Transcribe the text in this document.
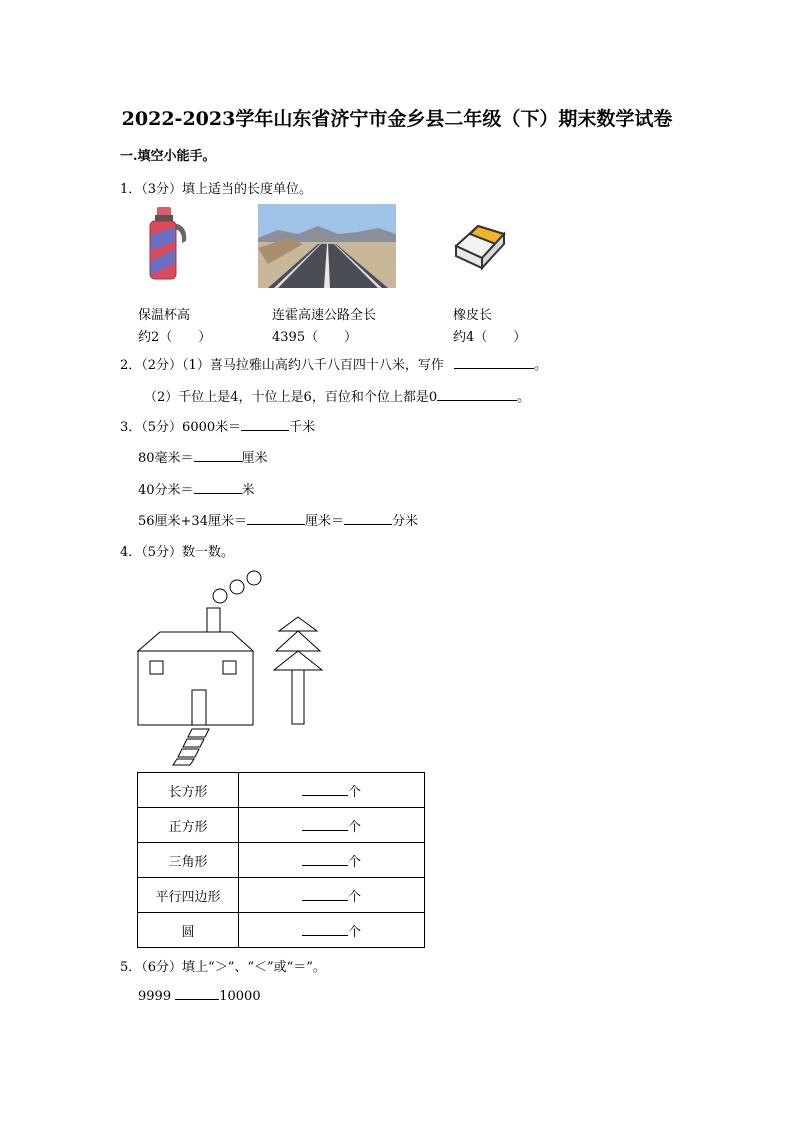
2022-2023学年山东省济宁市金乡县二年级（下）期末数学试卷
一.填空小能手。
1．（3分）填上适当的长度单位。
保温杯高
约2（　　）
连霍高速公路全长
4395（　　）
橡皮长
约4（　　）
2．（2分）（1）喜马拉雅山高约八千八百四十八米，写作	。
（2）千位上是4，十位上是6，百位和个位上都是0	。
3．（5分）6000米＝	千米
80毫米＝	厘米
40分米＝	米
56厘米+34厘米＝	厘米＝	分米
4．（5分）数一数。
长方形	个
正方形	个
三角形	个
平行四边形	个
圆	个
5．（6分）填上“＞”、“＜”或“＝”。
9999	10000
